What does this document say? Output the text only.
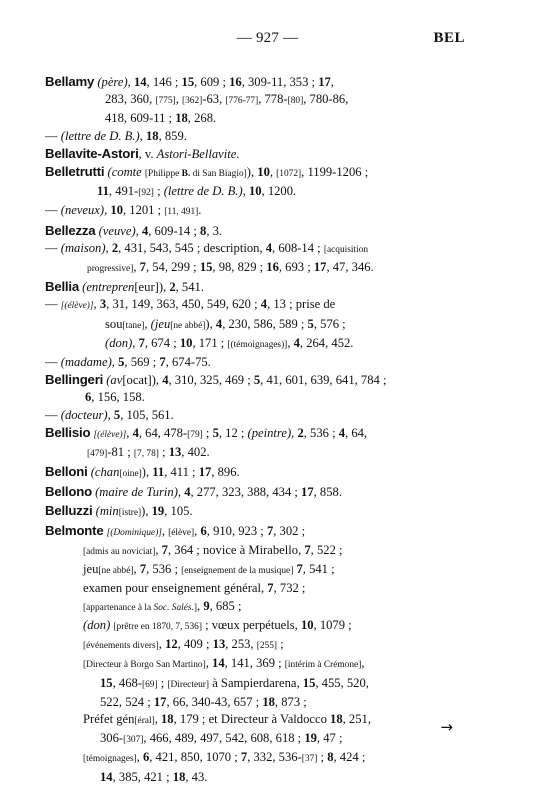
— 927 —	BEL
Bellamy (père), 14, 146 ; 15, 609 ; 16, 309-11, 353 ; 17,
283, 360, [775], [362]-63, [776-77], 778-[80], 780-86,
418, 609-11 ; 18, 268.
— (lettre de D. B.), 18, 859.
Bellavite-Astori, v. Astori-Bellavite.
Belletrutti (comte [Philippe B. di San Biagio]), 10, [1072], 1199-1206 ;
11, 491-[92] ; (lettre de D. B.), 10, 1200.
— (neveux), 10, 1201 ; [11, 491].
Bellezza (veuve), 4, 609-14 ; 8, 3.
— (maison), 2, 431, 543, 545 ; description, 4, 608-14 ; [acquisition
progressive], 7, 54, 299 ; 15, 98, 829 ; 16, 693 ; 17, 47, 346.
Bellia (entrepren[eur]), 2, 541.
— [(élève)], 3, 31, 149, 363, 450, 549, 620 ; 4, 13 ; prise de
sou[tane], (jeu[ne abbé]), 4, 230, 586, 589 ; 5, 576 ;
(don), 7, 674 ; 10, 171 ; [(témoignages)], 4, 264, 452.
— (madame), 5, 569 ; 7, 674-75.
Bellingeri (av[ocat]), 4, 310, 325, 469 ; 5, 41, 601, 639, 641, 784 ;
6, 156, 158.
— (docteur), 5, 105, 561.
Bellisio [(élève)], 4, 64, 478-[79] ; 5, 12 ; (peintre), 2, 536 ; 4, 64,
[479]-81 ; [7, 78] ; 13, 402.
Belloni (chan[oine]), 11, 411 ; 17, 896.
Bellono (maire de Turin), 4, 277, 323, 388, 434 ; 17, 858.
Belluzzi (min[istre]), 19, 105.
Belmonte [(Dominique)], [élève], 6, 910, 923 ; 7, 302 ;
[admis au noviciat], 7, 364 ; novice à Mirabello, 7, 522 ;
jeu[ne abbé], 7, 536 ; [enseignement de la musique] 7, 541 ;
examen pour enseignement général, 7, 732 ;
[appartenance à la Soc. Salés.], 9, 685 ;
(don) [prêtre en 1870, 7, 536] ; vœux perpétuels, 10, 1079 ;
[événements divers], 12, 409 ; 13, 253, [255] ;
[Directeur à Borgo San Martino], 14, 141, 369 ; [intérim à Crémone],
15, 468-[69] ; [Directeur] à Sampierdarena, 15, 455, 520,
522, 524 ; 17, 66, 340-43, 657 ; 18, 873 ;
Préfet gén[éral], 18, 179 ; et Directeur à Valdocco 18, 251,
306-[307], 466, 489, 497, 542, 608, 618 ; 19, 47 ;
[témoignages], 6, 421, 850, 1070 ; 7, 332, 536-[37] ; 8, 424 ;
14, 385, 421 ; 18, 43.
→
